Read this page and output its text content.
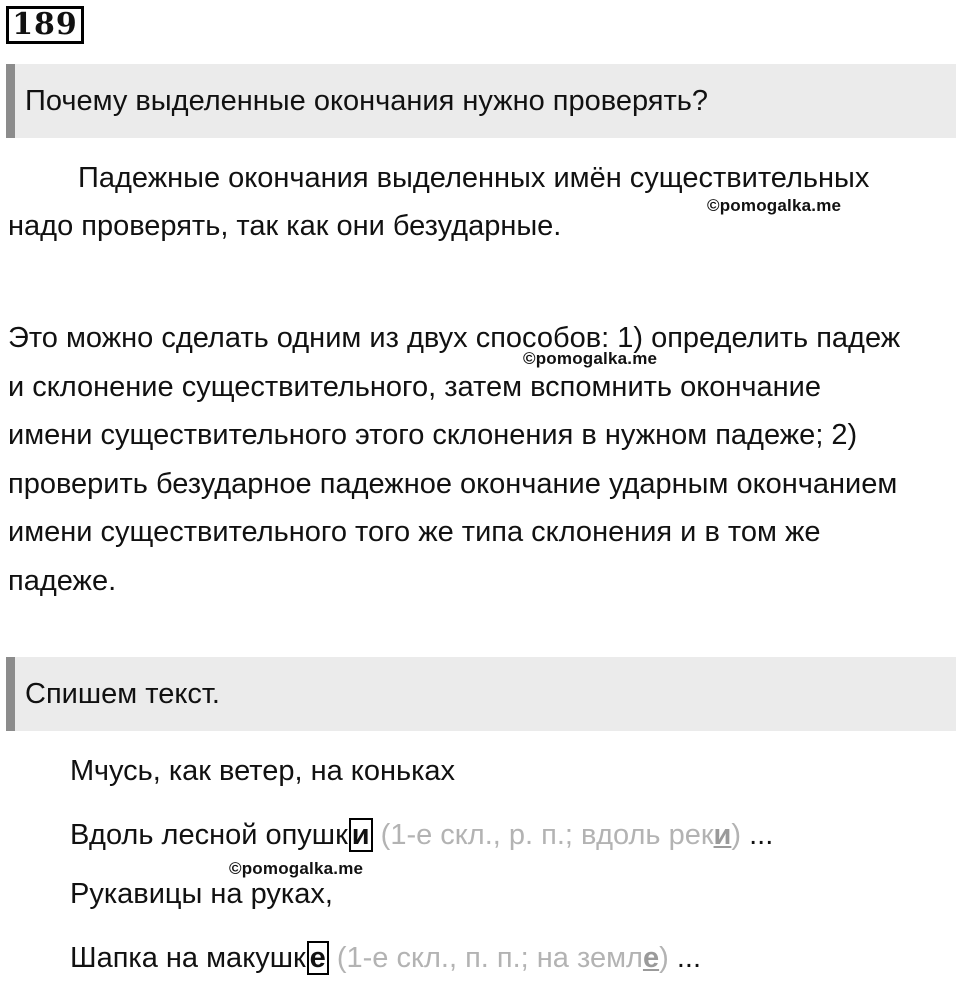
189
Почему выделенные окончания нужно проверять?

Падежные окончания выделенных имён существительных надо проверять, так как они безударные.

©pomogalka.me

Это можно сделать одним из двух способов: 1) определить падеж и склонение существительного, затем вспомнить окончание имени существительного этого склонения в нужном падеже; 2) проверить безударное падежное окончание ударным окончанием имени существительного того же типа склонения и в том же падеже.

©pomogalka.me
Спишем текст.
Мчусь, как ветер, на коньках
Вдоль лесной опушк и (1-е скл., р. п.; вдоль реки) ...
©pomogalka.me
Рукавицы на руках,
Шапка на макушк е (1-е скл., п. п.; на земле) ...
